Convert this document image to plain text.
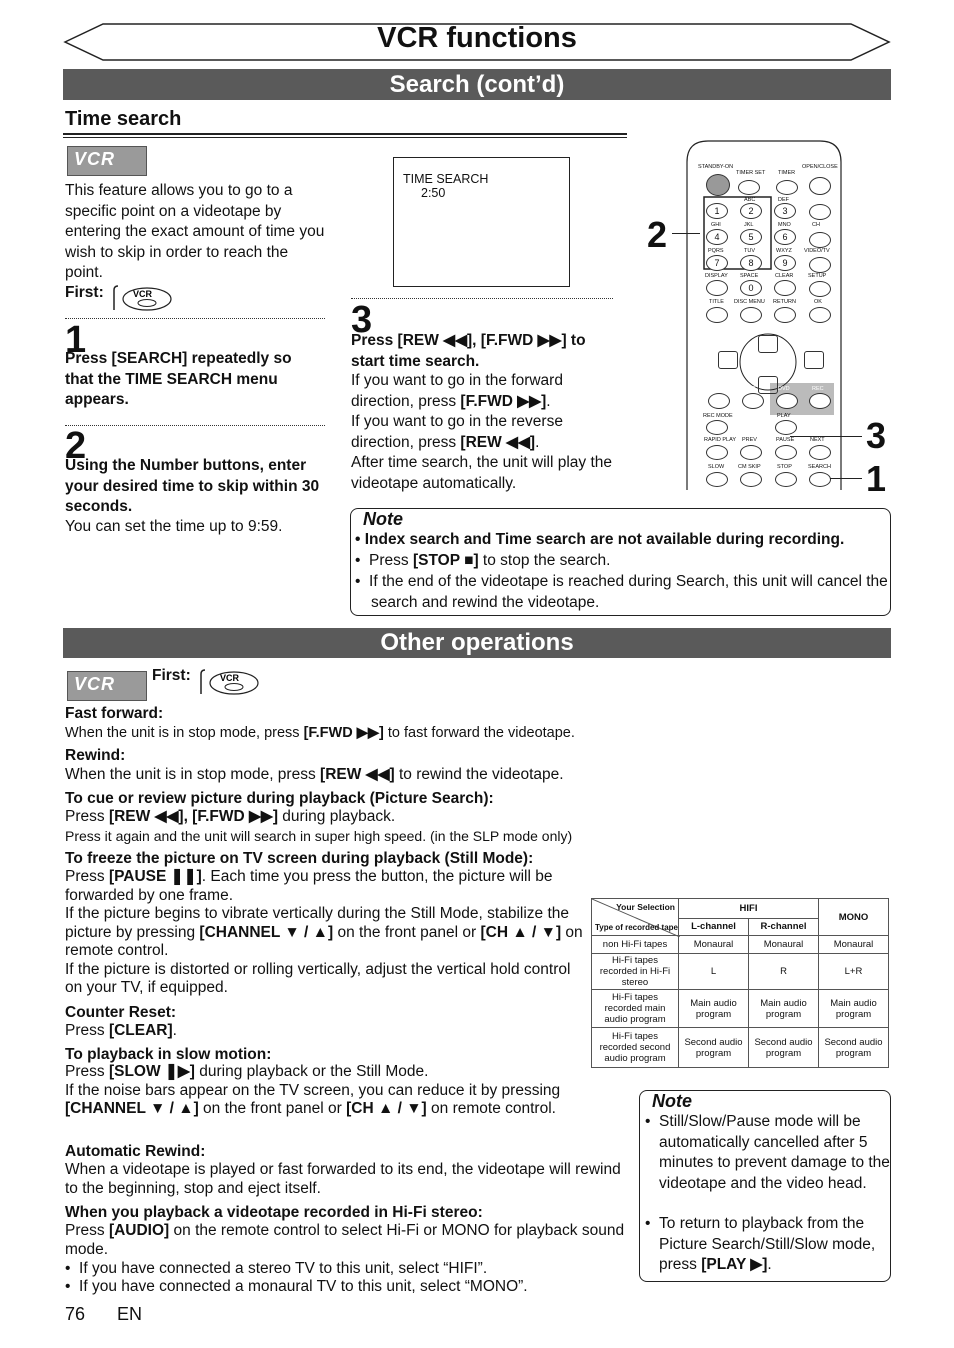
VCR functions
Search (cont’d)
Time search
VCR
This feature allows you to go to a specific point on a videotape by entering the exact amount of time you wish to skip in order to reach the point.
First:	VCR
1
Press [SEARCH] repeatedly so that the TIME SEARCH menu appears.
2
Using the Number buttons, enter your desired time to skip within 30 seconds.
You can set the time up to 9:59.
TIME SEARCH
2:50
3
Press [REW ◀◀], [F.FWD ▶▶] to start time search.
If you want to go in the forward direction, press [F.FWD ▶▶].
If you want to go in the reverse direction, press [REW ◀◀].
After time search, the unit will play the videotape automatically.
STANDBY-ON
TIMER SET TIMER
OPEN/CLOSE
ABC	DEF
GHI	JKL	MNO	CH
PQRS	TUV	WXYZ VIDEO/TV
DISPLAY SPACE	CLEAR	SETUP
TITLE DISC MENU RETURN	OK
REC	VCR	DVD	REC
REC MODE	PLAY
RAPID PLAY PREV	PAUSE	NEXT
SLOW	CM SKIP	STOP	SEARCH
1	2	3
4	5	6
7	8	9
0
2
3
1
Note
• Index search and Time search are not available during recording.
•  Press [STOP ■] to stop the search.
•  If the end of the videotape is reached during Search, this unit will cancel the search and rewind the videotape.
Other operations
VCR First:	VCR
Fast forward:
When the unit is in stop mode, press [F.FWD ▶▶] to fast forward the videotape.
Rewind:
When the unit is in stop mode, press [REW ◀◀] to rewind the videotape.
To cue or review picture during playback (Picture Search):
Press [REW ◀◀], [F.FWD ▶▶] during playback.
Press it again and the unit will search in super high speed. (in the SLP mode only)
To freeze the picture on TV screen during playback (Still Mode):
Press [PAUSE ❚❚]. Each time you press the button, the picture will be forwarded by one frame.
If the picture begins to vibrate vertically during the Still Mode, stabilize the picture by pressing [CHANNEL ▼ / ▲] on the front panel or [CH ▲ / ▼] on remote control.
If the picture is distorted or rolling vertically, adjust the vertical hold control on your TV, if equipped.
Counter Reset:
Press [CLEAR].
To playback in slow motion:
Press [SLOW ❚▶] during playback or the Still Mode.
If the noise bars appear on the TV screen, you can reduce it by pressing [CHANNEL ▼ / ▲] on the front panel or [CH ▲ / ▼] on remote control.
Automatic Rewind:
When a videotape is played or fast forwarded to its end, the videotape will rewind to the beginning, stop and eject itself.
When you playback a videotape recorded in Hi-Fi stereo:
Press [AUDIO] on the remote control to select Hi-Fi or MONO for playback sound mode.
•  If you have connected a stereo TV to this unit, select “HIFI”.
•  If you have connected a monaural TV to this unit, select “MONO”.
Your Selection
Type of recorded tape	HIFI		MONO
	L-channel	R-channel	
non Hi-Fi tapes	Monaural	Monaural	Monaural
Hi-Fi tapes recorded in Hi-Fi stereo	L	R	L+R
Hi-Fi tapes recorded main audio program	Main audio program	Main audio program	Main audio program
Hi-Fi tapes recorded second audio program	Second audio program	Second audio program	Second audio program
Note
•  Still/Slow/Pause mode will be automatically cancelled after 5 minutes to prevent damage to the videotape and the video head.
•  To return to playback from the Picture Search/Still/Slow mode, press [PLAY ▶].
76 EN
